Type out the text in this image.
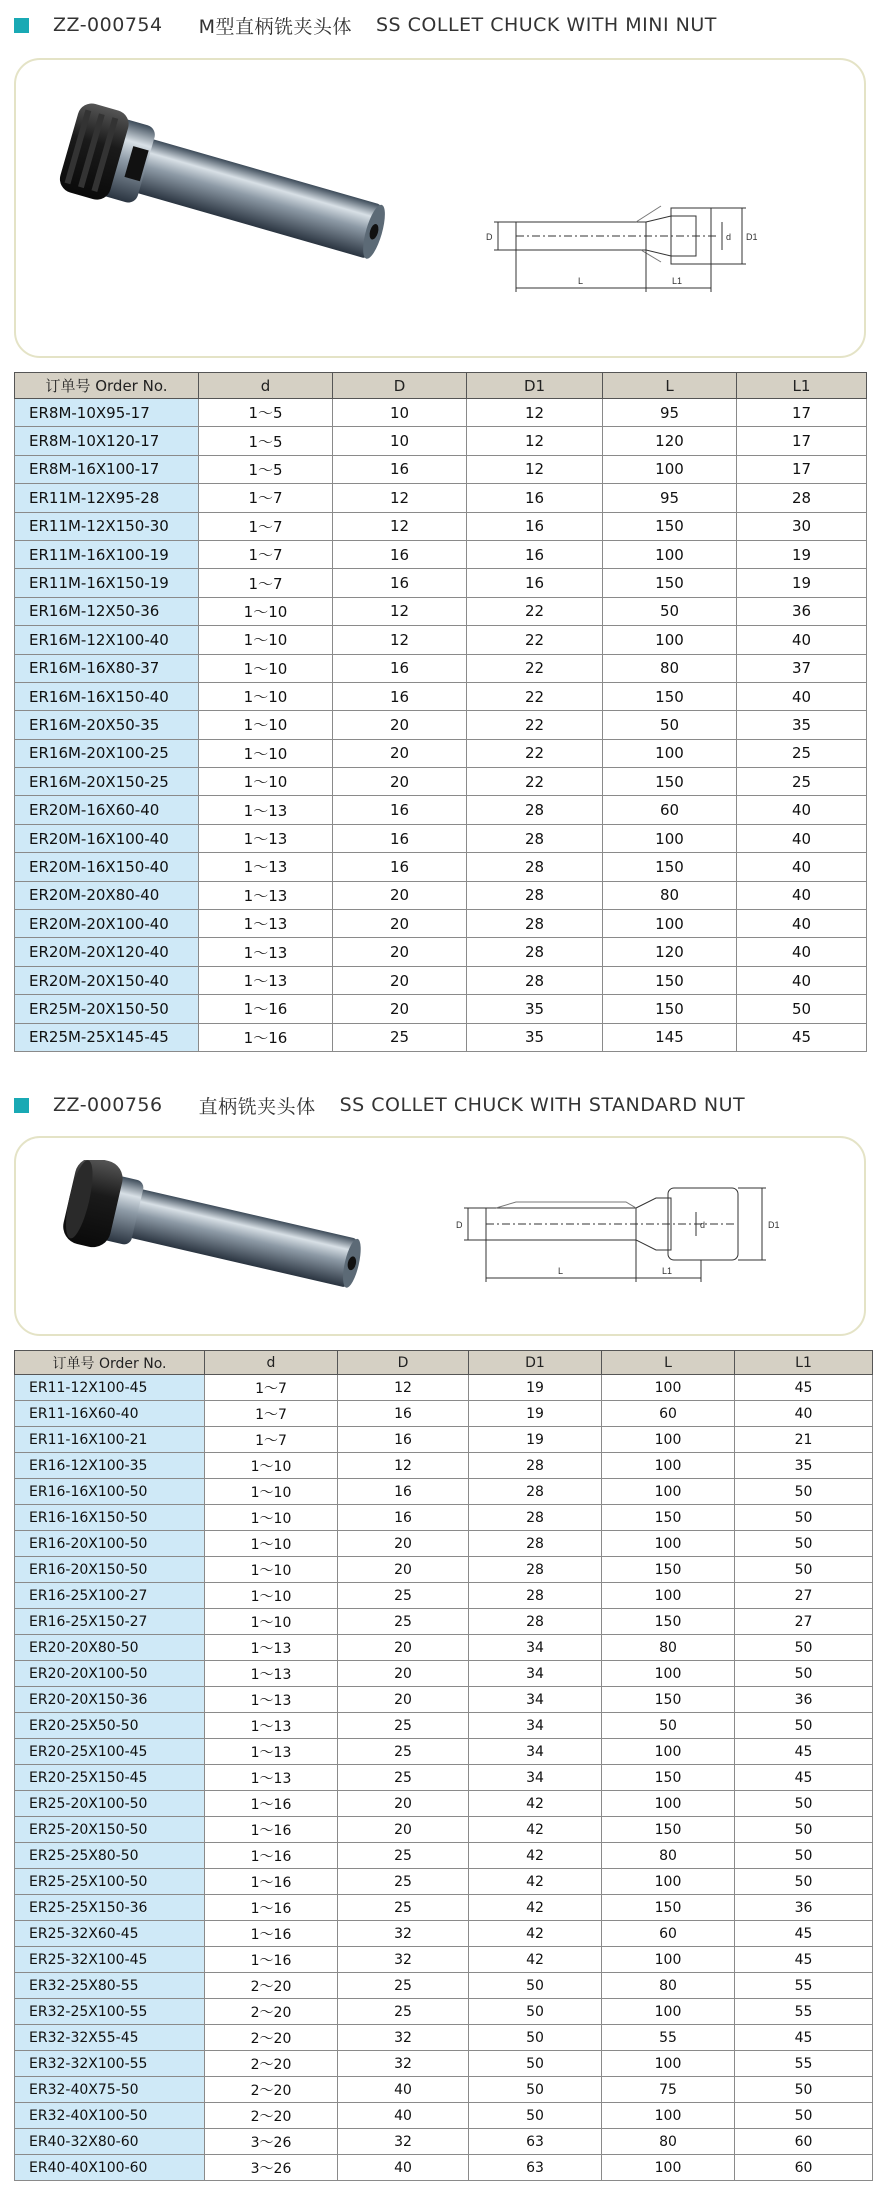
ZZ-000754 M型直柄铣夹头体 SS COLLET CHUCK WITH MINI NUT
D	d D1
L	L1
订单号 Order No.	d	D	D1	L	L1
ER8M-10X95-17	1～5	10	12	95	17
ER8M-10X120-17	1～5	10	12	120	17
ER8M-16X100-17	1～5	16	12	100	17
ER11M-12X95-28	1～7	12	16	95	28
ER11M-12X150-30	1～7	12	16	150	30
ER11M-16X100-19	1～7	16	16	100	19
ER11M-16X150-19	1～7	16	16	150	19
ER16M-12X50-36	1～10	12	22	50	36
ER16M-12X100-40	1～10	12	22	100	40
ER16M-16X80-37	1～10	16	22	80	37
ER16M-16X150-40	1～10	16	22	150	40
ER16M-20X50-35	1～10	20	22	50	35
ER16M-20X100-25	1～10	20	22	100	25
ER16M-20X150-25	1～10	20	22	150	25
ER20M-16X60-40	1～13	16	28	60	40
ER20M-16X100-40	1～13	16	28	100	40
ER20M-16X150-40	1～13	16	28	150	40
ER20M-20X80-40	1～13	20	28	80	40
ER20M-20X100-40	1～13	20	28	100	40
ER20M-20X120-40	1～13	20	28	120	40
ER20M-20X150-40	1～13	20	28	150	40
ER25M-20X150-50	1～16	20	35	150	50
ER25M-25X145-45	1～16	25	35	145	45
ZZ-000756 直柄铣夹头体 SS COLLET CHUCK WITH STANDARD NUT
D	d	D1
L	L1
订单号 Order No.	d	D	D1	L	L1
ER11-12X100-45	1～7	12	19	100	45
ER11-16X60-40	1～7	16	19	60	40
ER11-16X100-21	1～7	16	19	100	21
ER16-12X100-35	1～10	12	28	100	35
ER16-16X100-50	1～10	16	28	100	50
ER16-16X150-50	1～10	16	28	150	50
ER16-20X100-50	1～10	20	28	100	50
ER16-20X150-50	1～10	20	28	150	50
ER16-25X100-27	1～10	25	28	100	27
ER16-25X150-27	1～10	25	28	150	27
ER20-20X80-50	1～13	20	34	80	50
ER20-20X100-50	1～13	20	34	100	50
ER20-20X150-36	1～13	20	34	150	36
ER20-25X50-50	1～13	25	34	50	50
ER20-25X100-45	1～13	25	34	100	45
ER20-25X150-45	1～13	25	34	150	45
ER25-20X100-50	1～16	20	42	100	50
ER25-20X150-50	1～16	20	42	150	50
ER25-25X80-50	1～16	25	42	80	50
ER25-25X100-50	1～16	25	42	100	50
ER25-25X150-36	1～16	25	42	150	36
ER25-32X60-45	1～16	32	42	60	45
ER25-32X100-45	1～16	32	42	100	45
ER32-25X80-55	2～20	25	50	80	55
ER32-25X100-55	2～20	25	50	100	55
ER32-32X55-45	2～20	32	50	55	45
ER32-32X100-55	2～20	32	50	100	55
ER32-40X75-50	2～20	40	50	75	50
ER32-40X100-50	2～20	40	50	100	50
ER40-32X80-60	3～26	32	63	80	60
ER40-40X100-60	3～26	40	63	100	60
